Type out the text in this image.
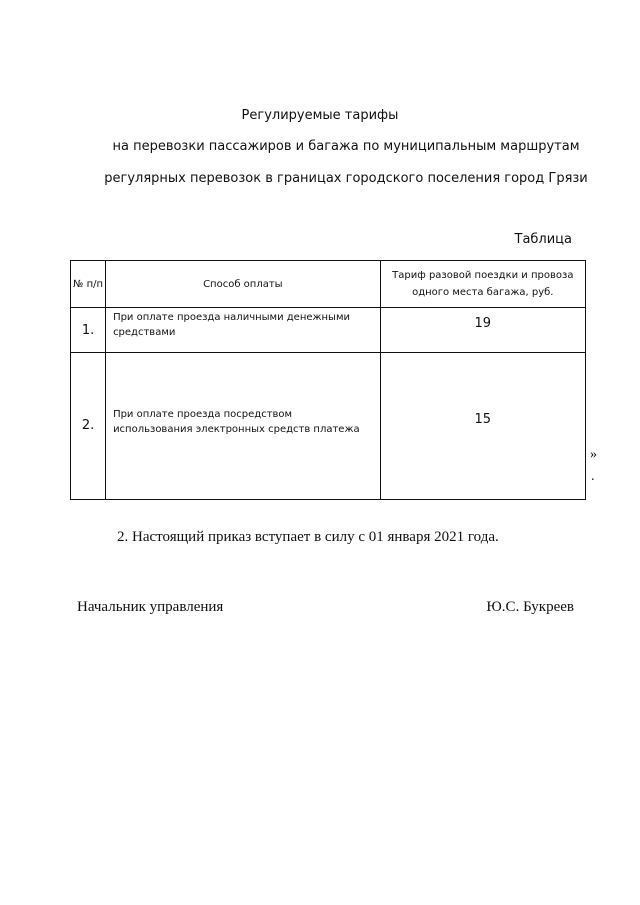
Регулируемые тарифы
на перевозки пассажиров и багажа по муниципальным маршрутам
регулярных перевозок в границах городского поселения город Грязи
Таблица
№ п/п	Способ оплаты	Тариф разовой поездки и провоза одного места багажа, руб.
1.	При оплате проезда наличными денежными средствами	19
2.	При оплате проезда посредством использования электронных средств платежа	15
»
.
2. Настоящий приказ вступает в силу с 01 января 2021 года.
Начальник управления	Ю.С. Букреев
